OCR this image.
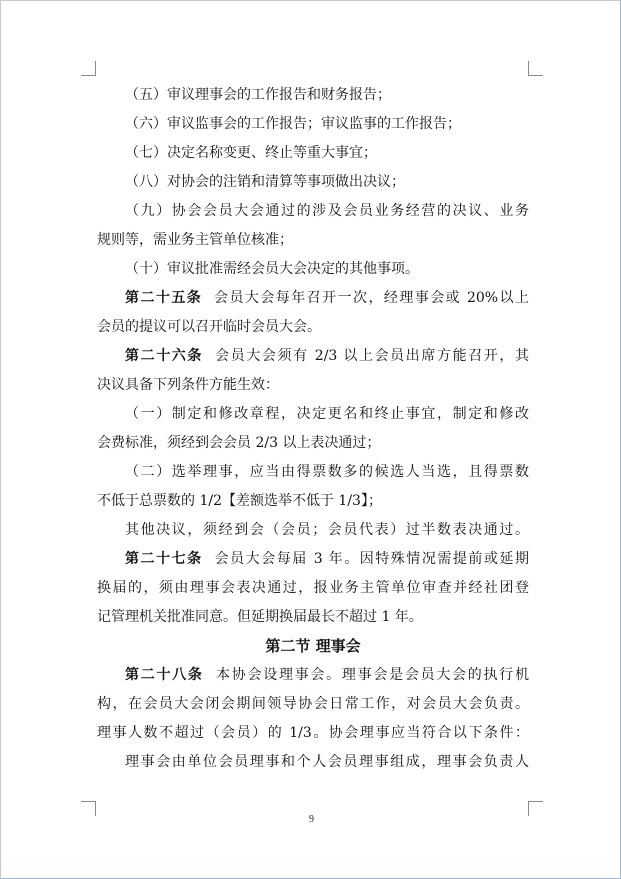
（五）审议理事会的工作报告和财务报告；
（六）审议监事会的工作报告；审议监事的工作报告；
（七）决定名称变更、终止等重大事宜；
（八）对协会的注销和清算等事项做出决议；
（九）协会会员大会通过的涉及会员业务经营的决议、业务
规则等，需业务主管单位核准；
（十）审议批准需经会员大会决定的其他事项。
第二十五条 会员大会每年召开一次，经理事会或 20%以上
会员的提议可以召开临时会员大会。
第二十六条 会员大会须有 2/3 以上会员出席方能召开，其
决议具备下列条件方能生效：
（一）制定和修改章程，决定更名和终止事宜，制定和修改
会费标准，须经到会会员 2/3 以上表决通过；
（二）选举理事，应当由得票数多的候选人当选，且得票数
不低于总票数的 1/2【差额选举不低于 1/3】；
其他决议，须经到会（会员；会员代表）过半数表决通过。
第二十七条 会员大会每届 3 年。因特殊情况需提前或延期
换届的，须由理事会表决通过，报业务主管单位审查并经社团登
记管理机关批准同意。但延期换届最长不超过 1 年。
第二节 理事会
第二十八条 本协会设理事会。理事会是会员大会的执行机
构，在会员大会闭会期间领导协会日常工作，对会员大会负责。
理事人数不超过（会员）的 1/3。协会理事应当符合以下条件：
理事会由单位会员理事和个人会员理事组成，理事会负责人
9
